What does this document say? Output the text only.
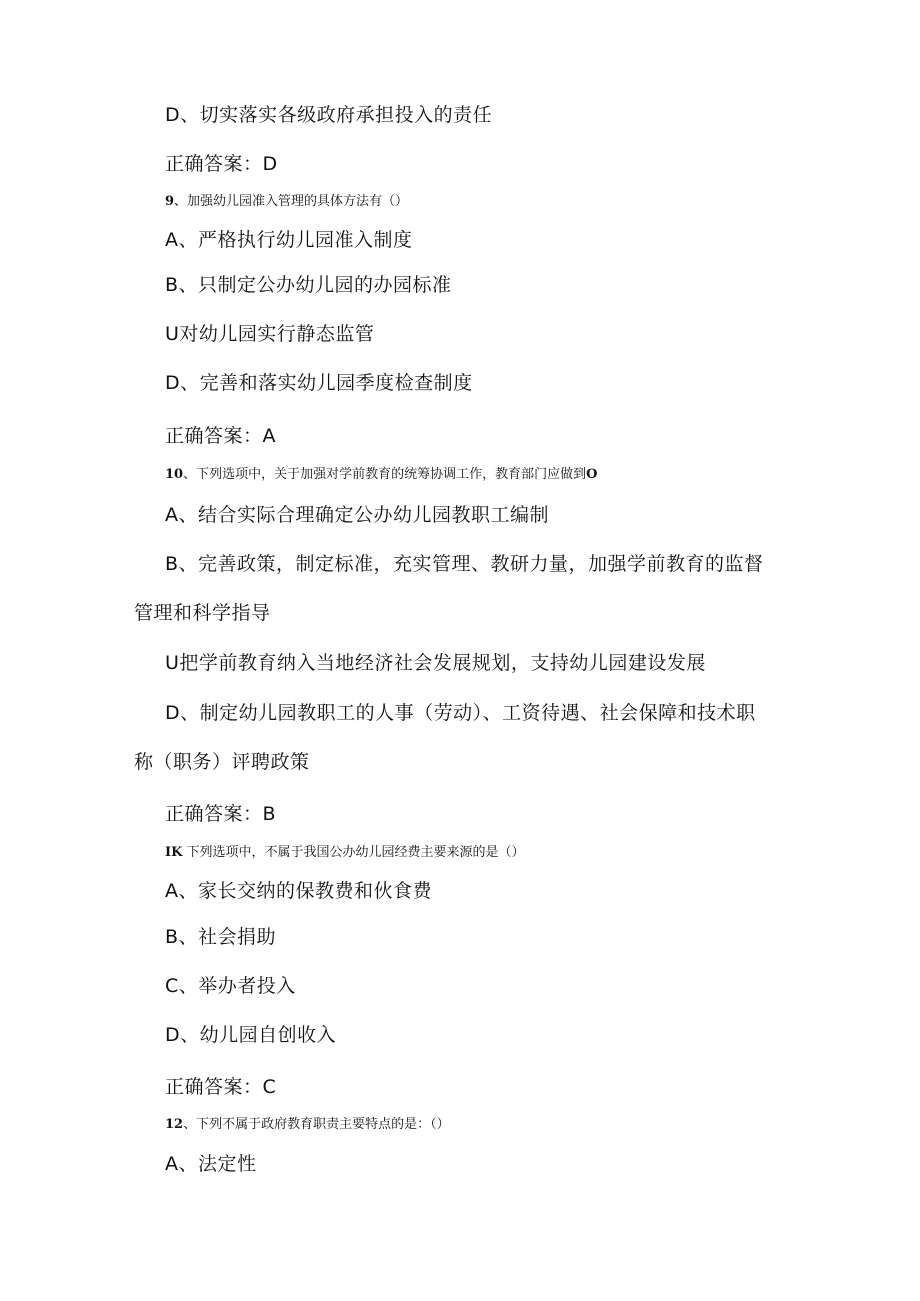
D、切实落实各级政府承担投入的责任
正确答案：D
9、加强幼儿园准入管理的具体方法有（）
A、严格执行幼儿园准入制度
B、只制定公办幼儿园的办园标准
U对幼儿园实行静态监管
D、完善和落实幼儿园季度检查制度
正确答案：A
10、下列选项中，关于加强对学前教育的统筹协调工作，教育部门应做到O
A、结合实际合理确定公办幼儿园教职工编制
B、完善政策，制定标准，充实管理、教研力量，加强学前教育的监督
管理和科学指导
U把学前教育纳入当地经济社会发展规划，支持幼儿园建设发展
D、制定幼儿园教职工的人事（劳动）、工资待遇、社会保障和技术职
称（职务）评聘政策
正确答案：B
IK 下列选项中，不属于我国公办幼儿园经费主要来源的是（）
A、家长交纳的保教费和伙食费
B、社会捐助
C、举办者投入
D、幼儿园自创收入
正确答案：C
12、下列不属于政府教育职责主要特点的是：（）
A、法定性
